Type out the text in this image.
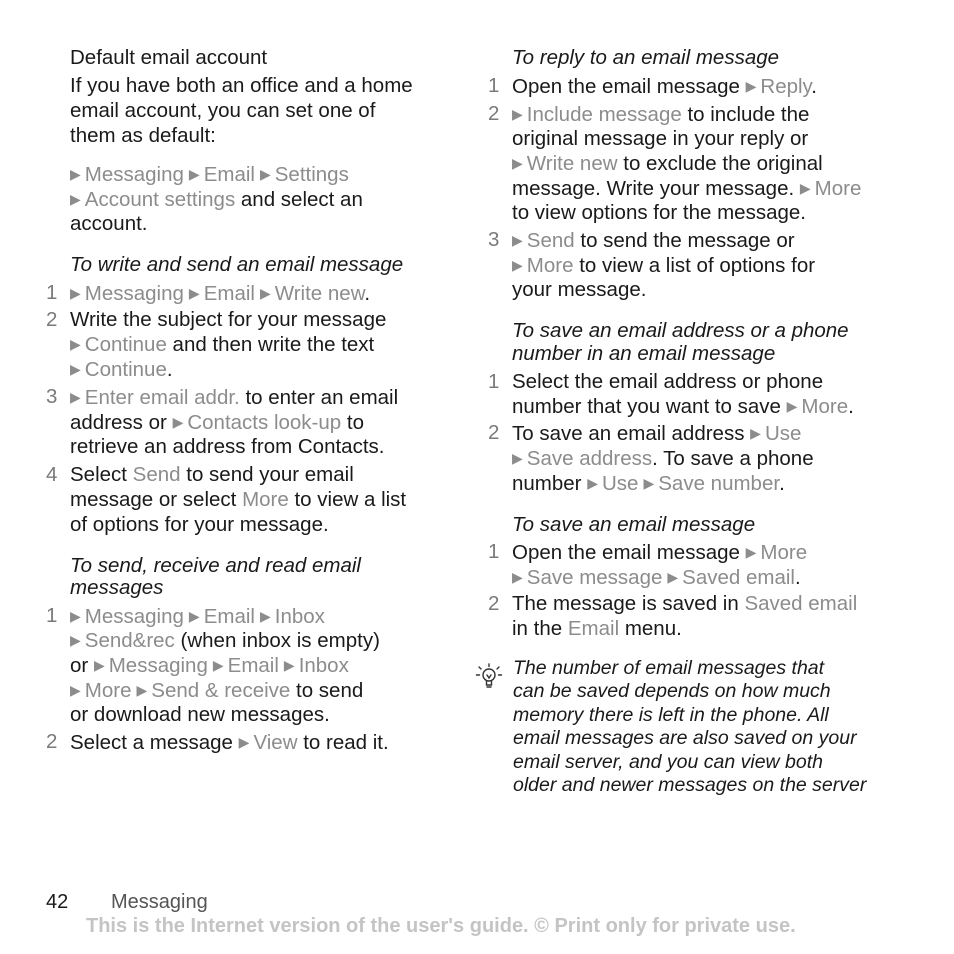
Default email account
If you have both an office and a home
email account, you can set one of
them as default:
▶ Messaging ▶ Email ▶ Settings
▶ Account settings and select an
account.
To write and send an email message
1 ▶ Messaging ▶ Email ▶ Write new.
2 Write the subject for your message
▶ Continue and then write the text
▶ Continue.
3 ▶ Enter email addr. to enter an email
address or ▶ Contacts look-up to
retrieve an address from Contacts.
4 Select Send to send your email
message or select More to view a list
of options for your message.
To send, receive and read email
messages
1 ▶ Messaging ▶ Email ▶ Inbox
▶ Send&rec (when inbox is empty)
or ▶ Messaging ▶ Email ▶ Inbox
▶ More ▶ Send & receive to send
or download new messages.
2 Select a message ▶ View to read it.
To reply to an email message
1 Open the email message ▶ Reply.
2 ▶ Include message to include the
original message in your reply or
▶ Write new to exclude the original
message. Write your message. ▶ More
to view options for the message.
3 ▶ Send to send the message or
▶ More to view a list of options for
your message.
To save an email address or a phone
number in an email message
1 Select the email address or phone
number that you want to save ▶ More.
2 To save an email address ▶ Use
▶ Save address. To save a phone
number ▶ Use ▶ Save number.
To save an email message
1 Open the email message ▶ More
▶ Save message ▶ Saved email.
2 The message is saved in Saved email
in the Email menu.
The number of email messages that
can be saved depends on how much
memory there is left in the phone. All
email messages are also saved on your
email server, and you can view both
older and newer messages on the server
42 Messaging
This is the Internet version of the user's guide. © Print only for private use.
